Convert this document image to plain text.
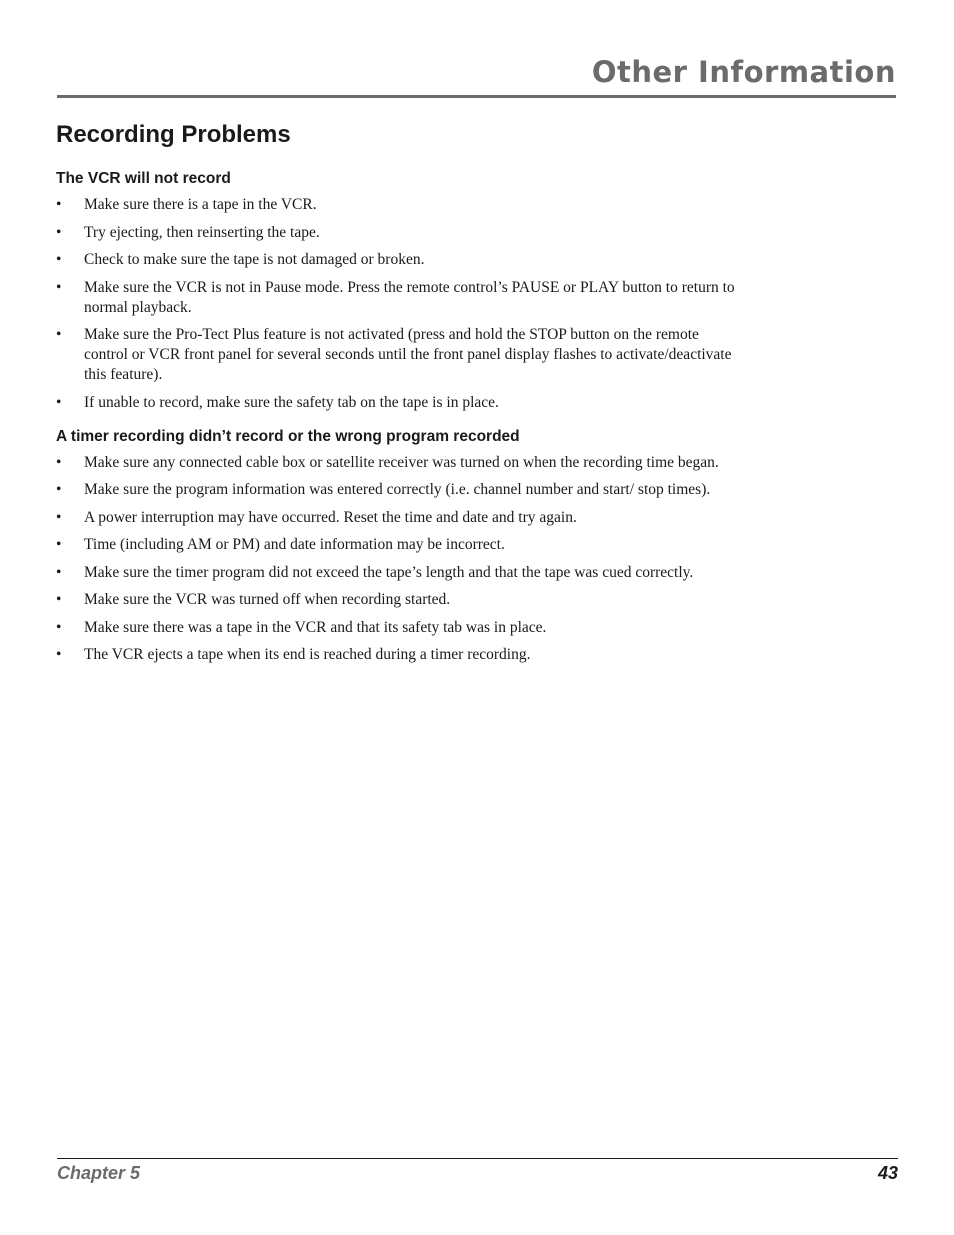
Other Information
Recording Problems
The VCR will not record
• Make sure there is a tape in the VCR.
• Try ejecting, then reinserting the tape.
• Check to make sure the tape is not damaged or broken.
• Make sure the VCR is not in Pause mode. Press the remote control’s PAUSE or PLAY button to return to normal playback.
• Make sure the Pro-Tect Plus feature is not activated (press and hold the STOP button on the remote control or VCR front panel for several seconds until the front panel display flashes to activate/deactivate this feature).
• If unable to record, make sure the safety tab on the tape is in place.
A timer recording didn’t record or the wrong program recorded
• Make sure any connected cable box or satellite receiver was turned on when the recording time began.
• Make sure the program information was entered correctly (i.e. channel number and start/ stop times).
• A power interruption may have occurred. Reset the time and date and try again.
• Time (including AM or PM) and date information may be incorrect.
• Make sure the timer program did not exceed the tape’s length and that the tape was cued correctly.
• Make sure the VCR was turned off when recording started.
• Make sure there was a tape in the VCR and that its safety tab was in place.
• The VCR ejects a tape when its end is reached during a timer recording.
Chapter 5	43
